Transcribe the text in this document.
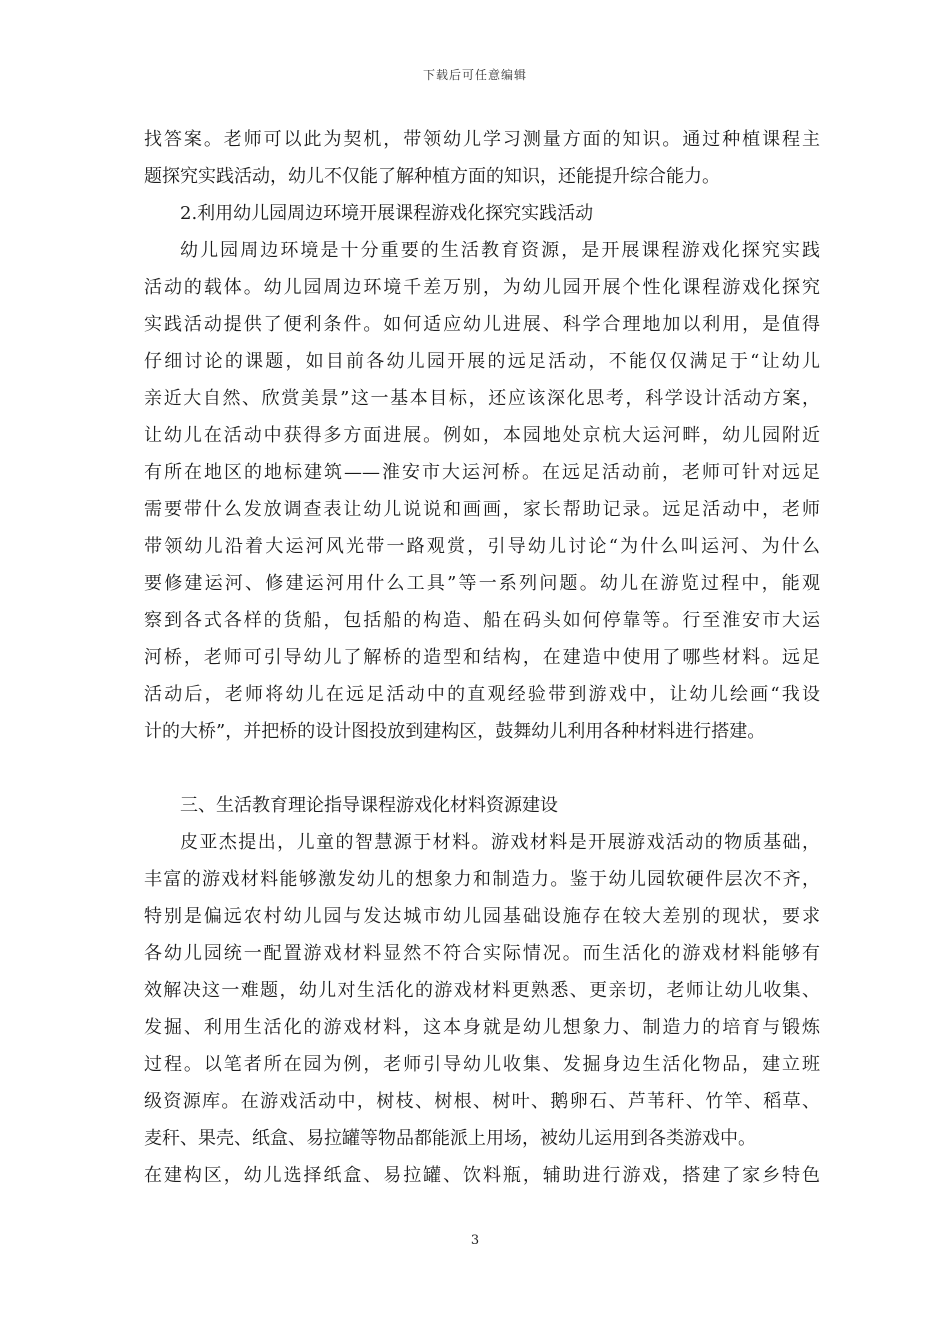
下载后可任意编辑
找答案。老师可以此为契机，带领幼儿学习测量方面的知识。通过种植课程主
题探究实践活动，幼儿不仅能了解种植方面的知识，还能提升综合能力。
2.利用幼儿园周边环境开展课程游戏化探究实践活动
幼儿园周边环境是十分重要的生活教育资源，是开展课程游戏化探究实践
活动的载体。幼儿园周边环境千差万别，为幼儿园开展个性化课程游戏化探究
实践活动提供了便利条件。如何适应幼儿进展、科学合理地加以利用，是值得
仔细讨论的课题，如目前各幼儿园开展的远足活动，不能仅仅满足于“让幼儿
亲近大自然、欣赏美景”这一基本目标，还应该深化思考，科学设计活动方案，
让幼儿在活动中获得多方面进展。例如，本园地处京杭大运河畔，幼儿园附近
有所在地区的地标建筑——淮安市大运河桥。在远足活动前，老师可针对远足
需要带什么发放调查表让幼儿说说和画画，家长帮助记录。远足活动中，老师
带领幼儿沿着大运河风光带一路观赏，引导幼儿讨论“为什么叫运河、为什么
要修建运河、修建运河用什么工具”等一系列问题。幼儿在游览过程中，能观
察到各式各样的货船，包括船的构造、船在码头如何停靠等。行至淮安市大运
河桥，老师可引导幼儿了解桥的造型和结构，在建造中使用了哪些材料。远足
活动后，老师将幼儿在远足活动中的直观经验带到游戏中，让幼儿绘画“我设
计的大桥”，并把桥的设计图投放到建构区，鼓舞幼儿利用各种材料进行搭建。
三、生活教育理论指导课程游戏化材料资源建设
皮亚杰提出，儿童的智慧源于材料。游戏材料是开展游戏活动的物质基础，
丰富的游戏材料能够激发幼儿的想象力和制造力。鉴于幼儿园软硬件层次不齐，
特别是偏远农村幼儿园与发达城市幼儿园基础设施存在较大差别的现状，要求
各幼儿园统一配置游戏材料显然不符合实际情况。而生活化的游戏材料能够有
效解决这一难题，幼儿对生活化的游戏材料更熟悉、更亲切，老师让幼儿收集、
发掘、利用生活化的游戏材料，这本身就是幼儿想象力、制造力的培育与锻炼
过程。以笔者所在园为例，老师引导幼儿收集、发掘身边生活化物品，建立班
级资源库。在游戏活动中，树枝、树根、树叶、鹅卵石、芦苇秆、竹竿、稻草、
麦秆、果壳、纸盒、易拉罐等物品都能派上用场，被幼儿运用到各类游戏中。
在建构区，幼儿选择纸盒、易拉罐、饮料瓶，辅助进行游戏，搭建了家乡特色
3
